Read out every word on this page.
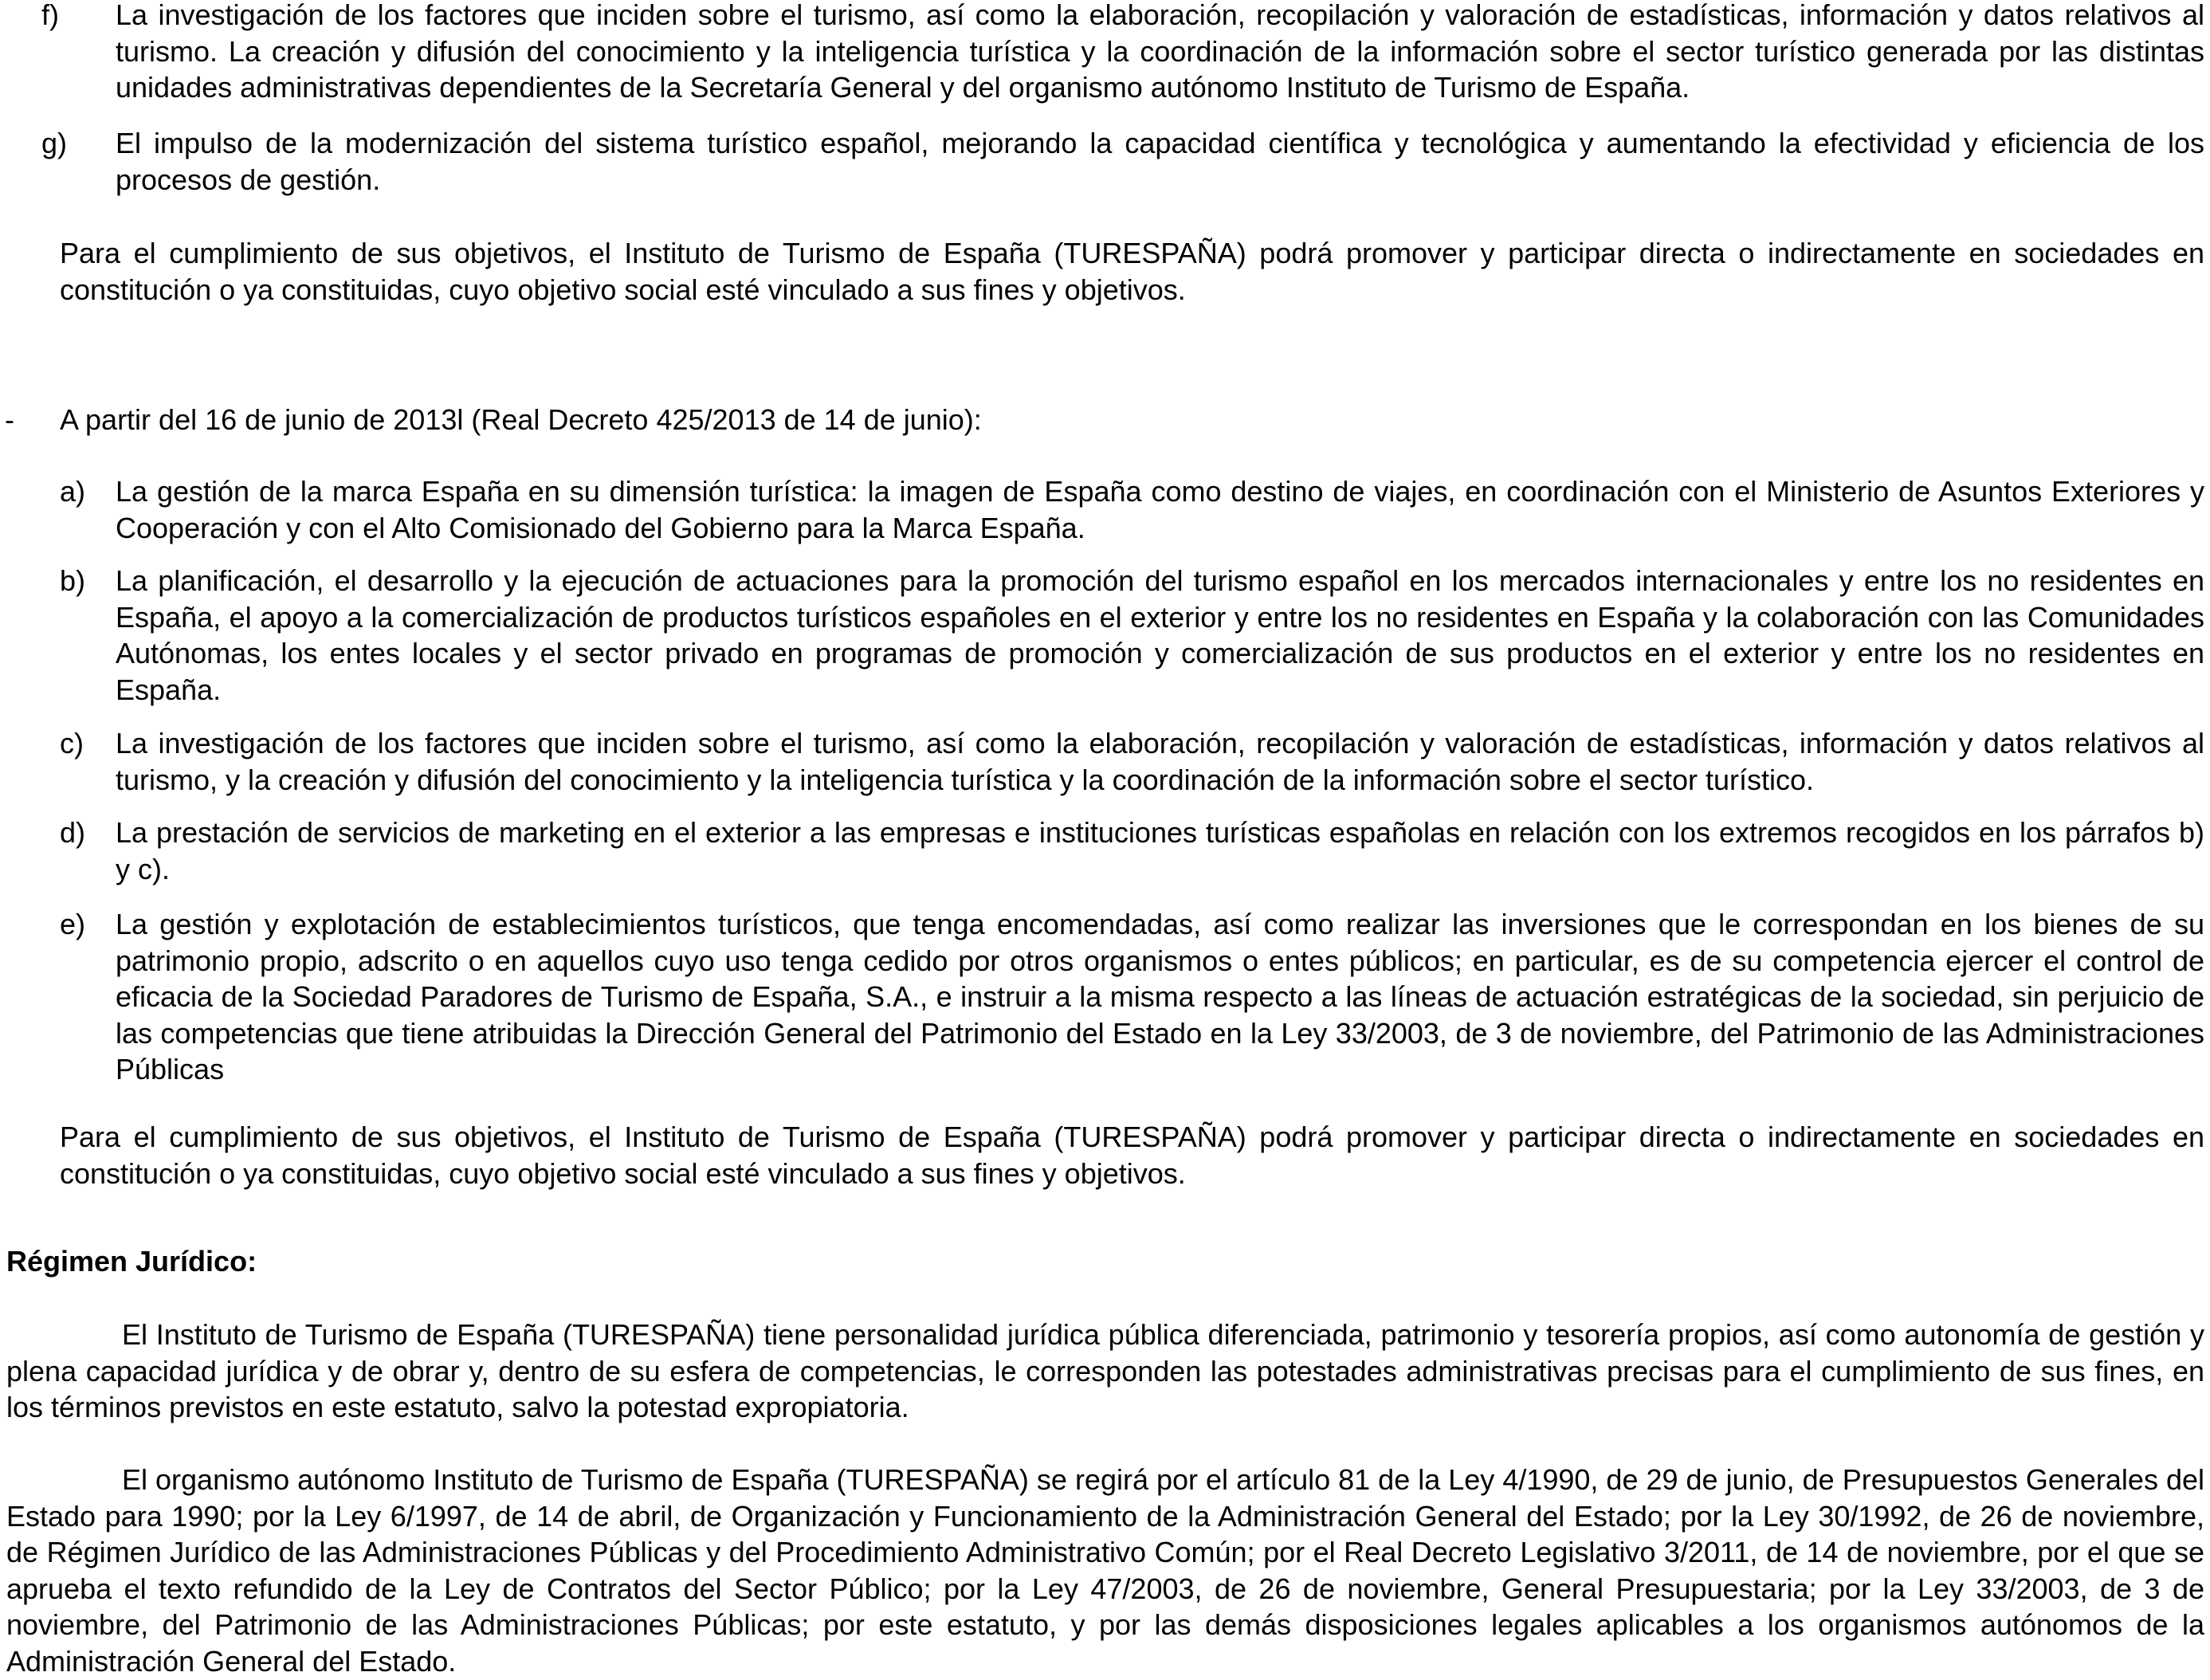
f) La investigación de los factores que inciden sobre el turismo, así como la elaboración, recopilación y valoración de estadísticas, información y datos relativos al turismo. La creación y difusión del conocimiento y la inteligencia turística y la coordinación de la información sobre el sector turístico generada por las distintas unidades administrativas dependientes de la Secretaría General y del organismo autónomo Instituto de Turismo de España.
g) El impulso de la modernización del sistema turístico español, mejorando la capacidad científica y tecnológica y aumentando la efectividad y eficiencia de los procesos de gestión.
Para el cumplimiento de sus objetivos, el Instituto de Turismo de España (TURESPAÑA) podrá promover y participar directa o indirectamente en sociedades en constitución o ya constituidas, cuyo objetivo social esté vinculado a sus fines y objetivos.
- A partir del 16 de junio de 2013l (Real Decreto 425/2013 de 14 de junio):
a) La gestión de la marca España en su dimensión turística: la imagen de España como destino de viajes, en coordinación con el Ministerio de Asuntos Exteriores y Cooperación y con el Alto Comisionado del Gobierno para la Marca España.
b) La planificación, el desarrollo y la ejecución de actuaciones para la promoción del turismo español en los mercados internacionales y entre los no residentes en España, el apoyo a la comercialización de productos turísticos españoles en el exterior y entre los no residentes en España y la colaboración con las Comunidades Autónomas, los entes locales y el sector privado en programas de promoción y comercialización de sus productos en el exterior y entre los no residentes en España.
c) La investigación de los factores que inciden sobre el turismo, así como la elaboración, recopilación y valoración de estadísticas, información y datos relativos al turismo, y la creación y difusión del conocimiento y la inteligencia turística y la coordinación de la información sobre el sector turístico.
d) La prestación de servicios de marketing en el exterior a las empresas e instituciones turísticas españolas en relación con los extremos recogidos en los párrafos b) y c).
e) La gestión y explotación de establecimientos turísticos, que tenga encomendadas, así como realizar las inversiones que le correspondan en los bienes de su patrimonio propio, adscrito o en aquellos cuyo uso tenga cedido por otros organismos o entes públicos; en particular, es de su competencia ejercer el control de eficacia de la Sociedad Paradores de Turismo de España, S.A., e instruir a la misma respecto a las líneas de actuación estratégicas de la sociedad, sin perjuicio de las competencias que tiene atribuidas la Dirección General del Patrimonio del Estado en la Ley 33/2003, de 3 de noviembre, del Patrimonio de las Administraciones Públicas
Para el cumplimiento de sus objetivos, el Instituto de Turismo de España (TURESPAÑA) podrá promover y participar directa o indirectamente en sociedades en constitución o ya constituidas, cuyo objetivo social esté vinculado a sus fines y objetivos.
Régimen Jurídico:
El Instituto de Turismo de España (TURESPAÑA) tiene personalidad jurídica pública diferenciada, patrimonio y tesorería propios, así como autonomía de gestión y plena capacidad jurídica y de obrar y, dentro de su esfera de competencias, le corresponden las potestades administrativas precisas para el cumplimiento de sus fines, en los términos previstos en este estatuto, salvo la potestad expropiatoria.
El organismo autónomo Instituto de Turismo de España (TURESPAÑA) se regirá por el artículo 81 de la Ley 4/1990, de 29 de junio, de Presupuestos Generales del Estado para 1990; por la Ley 6/1997, de 14 de abril, de Organización y Funcionamiento de la Administración General del Estado; por la Ley 30/1992, de 26 de noviembre, de Régimen Jurídico de las Administraciones Públicas y del Procedimiento Administrativo Común; por el Real Decreto Legislativo 3/2011, de 14 de noviembre, por el que se aprueba el texto refundido de la Ley de Contratos del Sector Público; por la Ley 47/2003, de 26 de noviembre, General Presupuestaria; por la Ley 33/2003, de 3 de noviembre, del Patrimonio de las Administraciones Públicas; por este estatuto, y por las demás disposiciones legales aplicables a los organismos autónomos de la Administración General del Estado.
